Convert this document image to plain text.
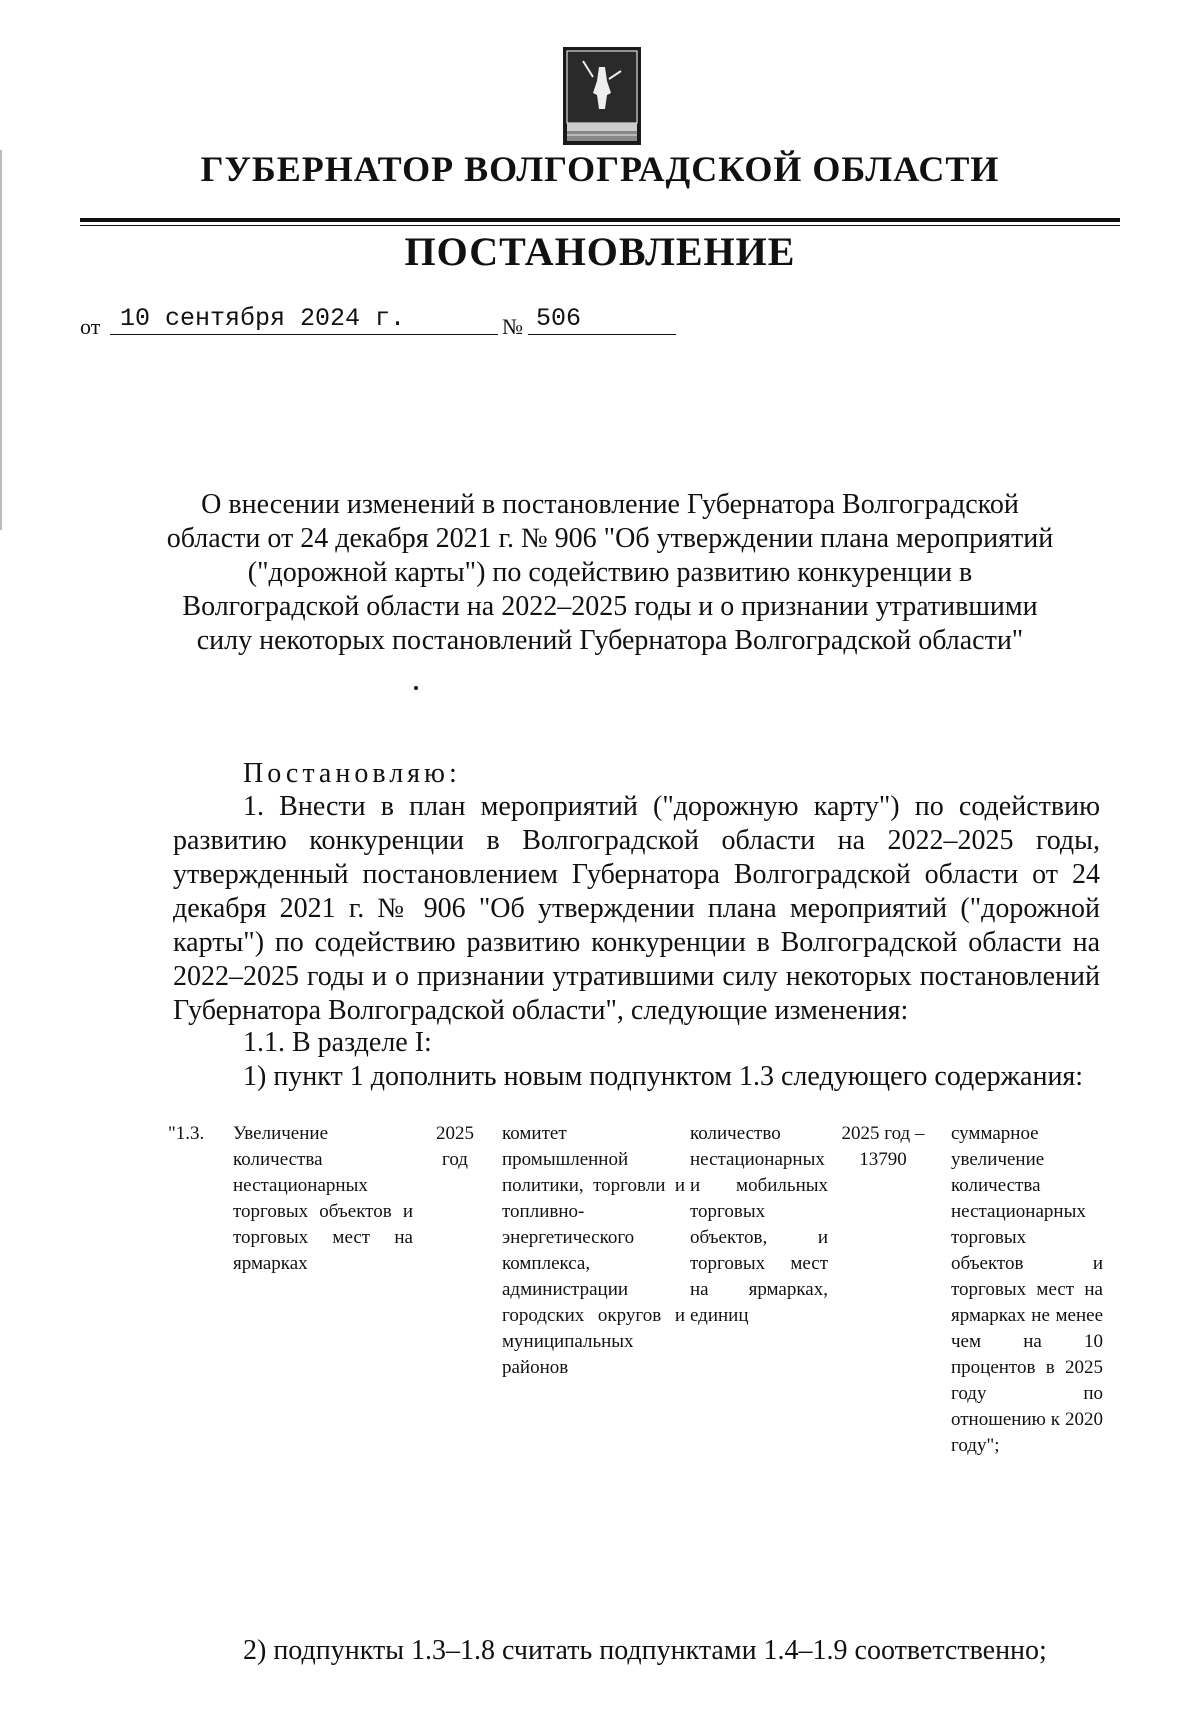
ГУБЕРНАТОР ВОЛГОГРАДСКОЙ ОБЛАСТИ
ПОСТАНОВЛЕНИЕ
от 10 сентября 2024 г.	№ 506
О внесении изменений в постановление Губернатора Волгоградской области от 24 декабря 2021 г. № 906 "Об утверждении плана мероприятий ("дорожной карты") по содействию развитию конкуренции в Волгоградской области на 2022–2025 годы и о признании утратившими силу некоторых постановлений Губернатора Волгоградской области"
Постановляю:
1. Внести в план мероприятий ("дорожную карту") по содействию развитию конкуренции в Волгоградской области на 2022–2025 годы, утвержденный постановлением Губернатора Волгоградской области от 24 декабря 2021 г. № 906 "Об утверждении плана мероприятий ("дорожной карты") по содействию развитию конкуренции в Волгоградской области на 2022–2025 годы и о признании утратившими силу некоторых постановлений Губернатора Волгоградской области", следующие изменения:
1.1. В разделе I:
1) пункт 1 дополнить новым подпунктом 1.3 следующего содержания:
"1.3.	Увеличение количества нестационарных торговых объектов и торговых мест на ярмарках
2025 год
комитет промышленной политики, торговли и топливно-энергетического комплекса, администрации городских округов и муниципальных районов
количество нестационарных и мобильных торговых объектов, и торговых мест на ярмарках, единиц
2025 год – 13790
суммарное увеличение количества нестационарных торговых объектов и торговых мест на ярмарках не менее чем на 10 процентов в 2025 году по отношению к 2020 году";
2) подпункты 1.3–1.8 считать подпунктами 1.4–1.9 соответственно;
